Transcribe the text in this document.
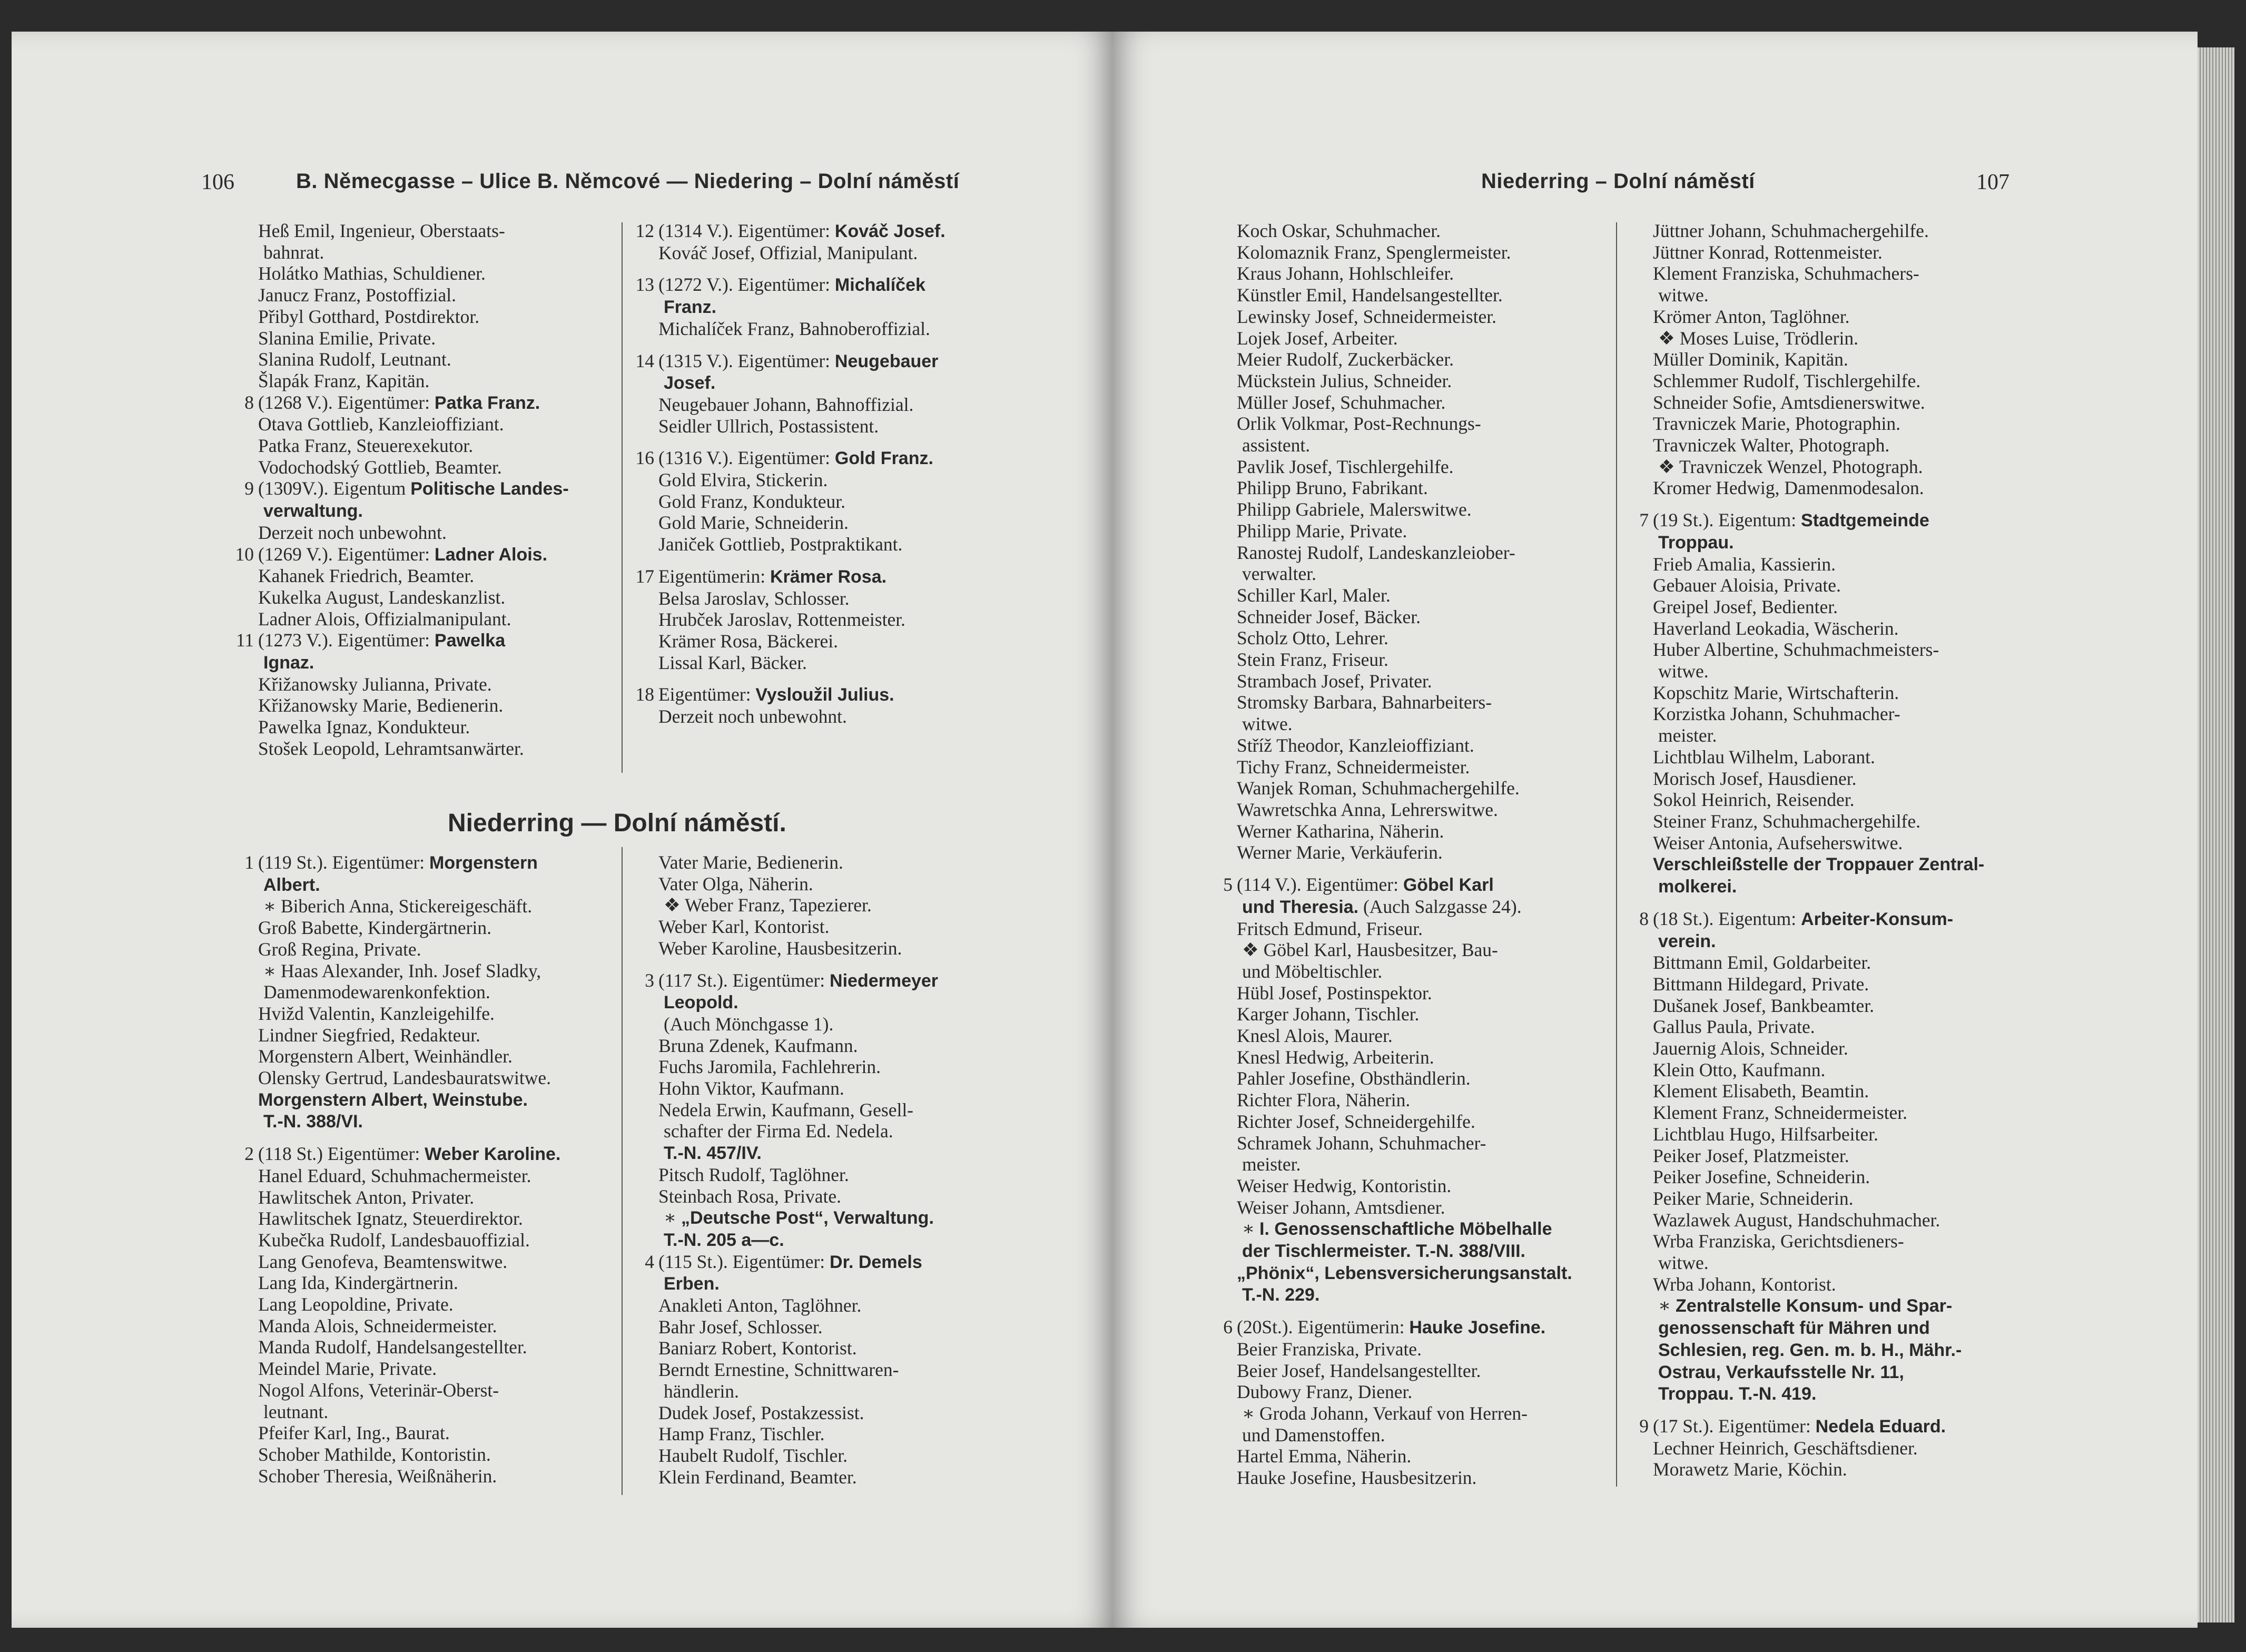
106	B. Němecgasse – Ulice B. Němcové — Niedering – Dolní náměstí
Heß Emil, Ingenieur, Oberstaats-
bahnrat.
Holátko Mathias, Schuldiener.
Janucz Franz, Postoffizial.
Přibyl Gotthard, Postdirektor.
Slanina Emilie, Private.
Slanina Rudolf, Leutnant.
Šlapák Franz, Kapitän.
8 (1268 V.). Eigentümer: Patka Franz.
Otava Gottlieb, Kanzleioffiziant.
Patka Franz, Steuerexekutor.
Vodochodský Gottlieb, Beamter.
9 (1309V.). Eigentum Politische Landes-
verwaltung.
Derzeit noch unbewohnt.
10 (1269 V.). Eigentümer: Ladner Alois.
Kahanek Friedrich, Beamter.
Kukelka August, Landeskanzlist.
Ladner Alois, Offizialmanipulant.
11 (1273 V.). Eigentümer: Pawelka
Ignaz.
Křižanowsky Julianna, Private.
Křižanowsky Marie, Bedienerin.
Pawelka Ignaz, Kondukteur.
Stošek Leopold, Lehramtsanwärter.
12 (1314 V.). Eigentümer: Kováč Josef.
Kováč Josef, Offizial, Manipulant.
13 (1272 V.). Eigentümer: Michalíček
Franz.
Michalíček Franz, Bahnoberoffizial.
14 (1315 V.). Eigentümer: Neugebauer
Josef.
Neugebauer Johann, Bahnoffizial.
Seidler Ullrich, Postassistent.
16 (1316 V.). Eigentümer: Gold Franz.
Gold Elvira, Stickerin.
Gold Franz, Kondukteur.
Gold Marie, Schneiderin.
Janiček Gottlieb, Postpraktikant.
17 Eigentümerin: Krämer Rosa.
Belsa Jaroslav, Schlosser.
Hrubček Jaroslav, Rottenmeister.
Krämer Rosa, Bäckerei.
Lissal Karl, Bäcker.
18 Eigentümer: Vysloužil Julius.
Derzeit noch unbewohnt.
Niederring — Dolní náměstí.
1 (119 St.). Eigentümer: Morgenstern
Albert.
∗ Biberich Anna, Stickereigeschäft.
Groß Babette, Kindergärtnerin.
Groß Regina, Private.
∗ Haas Alexander, Inh. Josef Sladky,
Damenmodewarenkonfektion.
Hvižd Valentin, Kanzleigehilfe.
Lindner Siegfried, Redakteur.
Morgenstern Albert, Weinhändler.
Olensky Gertrud, Landesbauratswitwe.
Morgenstern Albert, Weinstube.
T.-N. 388/VI.
2 (118 St.) Eigentümer: Weber Karoline.
Hanel Eduard, Schuhmachermeister.
Hawlitschek Anton, Privater.
Hawlitschek Ignatz, Steuerdirektor.
Kubečka Rudolf, Landesbauoffizial.
Lang Genofeva, Beamtenswitwe.
Lang Ida, Kindergärtnerin.
Lang Leopoldine, Private.
Manda Alois, Schneidermeister.
Manda Rudolf, Handelsangestellter.
Meindel Marie, Private.
Nogol Alfons, Veterinär-Oberst-
leutnant.
Pfeifer Karl, Ing., Baurat.
Schober Mathilde, Kontoristin.
Schober Theresia, Weißnäherin.
Vater Marie, Bedienerin.
Vater Olga, Näherin.
❖ Weber Franz, Tapezierer.
Weber Karl, Kontorist.
Weber Karoline, Hausbesitzerin.
3 (117 St.). Eigentümer: Niedermeyer
Leopold.
(Auch Mönchgasse 1).
Bruna Zdenek, Kaufmann.
Fuchs Jaromila, Fachlehrerin.
Hohn Viktor, Kaufmann.
Nedela Erwin, Kaufmann, Gesell-
schafter der Firma Ed. Nedela.
T.-N. 457/IV.
Pitsch Rudolf, Taglöhner.
Steinbach Rosa, Private.
∗ „Deutsche Post“, Verwaltung.
T.-N. 205 a—c.
4 (115 St.). Eigentümer: Dr. Demels
Erben.
Anakleti Anton, Taglöhner.
Bahr Josef, Schlosser.
Baniarz Robert, Kontorist.
Berndt Ernestine, Schnittwaren-
händlerin.
Dudek Josef, Postakzessist.
Hamp Franz, Tischler.
Haubelt Rudolf, Tischler.
Klein Ferdinand, Beamter.
Niederring – Dolní náměstí	107
Koch Oskar, Schuhmacher.
Kolomaznik Franz, Spenglermeister.
Kraus Johann, Hohlschleifer.
Künstler Emil, Handelsangestellter.
Lewinsky Josef, Schneidermeister.
Lojek Josef, Arbeiter.
Meier Rudolf, Zuckerbäcker.
Mückstein Julius, Schneider.
Müller Josef, Schuhmacher.
Orlik Volkmar, Post-Rechnungs-
assistent.
Pavlik Josef, Tischlergehilfe.
Philipp Bruno, Fabrikant.
Philipp Gabriele, Malerswitwe.
Philipp Marie, Private.
Ranostej Rudolf, Landeskanzleiober-
verwalter.
Schiller Karl, Maler.
Schneider Josef, Bäcker.
Scholz Otto, Lehrer.
Stein Franz, Friseur.
Strambach Josef, Privater.
Stromsky Barbara, Bahnarbeiters-
witwe.
Stříž Theodor, Kanzleioffiziant.
Tichy Franz, Schneidermeister.
Wanjek Roman, Schuhmachergehilfe.
Wawretschka Anna, Lehrerswitwe.
Werner Katharina, Näherin.
Werner Marie, Verkäuferin.
5 (114 V.). Eigentümer: Göbel Karl
und Theresia. (Auch Salzgasse 24).
Fritsch Edmund, Friseur.
❖ Göbel Karl, Hausbesitzer, Bau-
und Möbeltischler.
Hübl Josef, Postinspektor.
Karger Johann, Tischler.
Knesl Alois, Maurer.
Knesl Hedwig, Arbeiterin.
Pahler Josefine, Obsthändlerin.
Richter Flora, Näherin.
Richter Josef, Schneidergehilfe.
Schramek Johann, Schuhmacher-
meister.
Weiser Hedwig, Kontoristin.
Weiser Johann, Amtsdiener.
∗ I. Genossenschaftliche Möbelhalle
der Tischlermeister. T.-N. 388/VIII.
„Phönix“, Lebensversicherungsanstalt.
T.-N. 229.
6 (20St.). Eigentümerin: Hauke Josefine.
Beier Franziska, Private.
Beier Josef, Handelsangestellter.
Dubowy Franz, Diener.
∗ Groda Johann, Verkauf von Herren-
und Damenstoffen.
Hartel Emma, Näherin.
Hauke Josefine, Hausbesitzerin.
Jüttner Johann, Schuhmachergehilfe.
Jüttner Konrad, Rottenmeister.
Klement Franziska, Schuhmachers-
witwe.
Krömer Anton, Taglöhner.
❖ Moses Luise, Trödlerin.
Müller Dominik, Kapitän.
Schlemmer Rudolf, Tischlergehilfe.
Schneider Sofie, Amtsdienerswitwe.
Travniczek Marie, Photographin.
Travniczek Walter, Photograph.
❖ Travniczek Wenzel, Photograph.
Kromer Hedwig, Damenmodesalon.
7 (19 St.). Eigentum: Stadtgemeinde
Troppau.
Frieb Amalia, Kassierin.
Gebauer Aloisia, Private.
Greipel Josef, Bedienter.
Haverland Leokadia, Wäscherin.
Huber Albertine, Schuhmachmeisters-
witwe.
Kopschitz Marie, Wirtschafterin.
Korzistka Johann, Schuhmacher-
meister.
Lichtblau Wilhelm, Laborant.
Morisch Josef, Hausdiener.
Sokol Heinrich, Reisender.
Steiner Franz, Schuhmachergehilfe.
Weiser Antonia, Aufseherswitwe.
Verschleißstelle der Troppauer Zentral-
molkerei.
8 (18 St.). Eigentum: Arbeiter-Konsum-
verein.
Bittmann Emil, Goldarbeiter.
Bittmann Hildegard, Private.
Dušanek Josef, Bankbeamter.
Gallus Paula, Private.
Jauernig Alois, Schneider.
Klein Otto, Kaufmann.
Klement Elisabeth, Beamtin.
Klement Franz, Schneidermeister.
Lichtblau Hugo, Hilfsarbeiter.
Peiker Josef, Platzmeister.
Peiker Josefine, Schneiderin.
Peiker Marie, Schneiderin.
Wazlawek August, Handschuhmacher.
Wrba Franziska, Gerichtsdieners-
witwe.
Wrba Johann, Kontorist.
∗ Zentralstelle Konsum- und Spar-
genossenschaft für Mähren und
Schlesien, reg. Gen. m. b. H., Mähr.-
Ostrau, Verkaufsstelle Nr. 11,
Troppau. T.-N. 419.
9 (17 St.). Eigentümer: Nedela Eduard.
Lechner Heinrich, Geschäftsdiener.
Morawetz Marie, Köchin.
